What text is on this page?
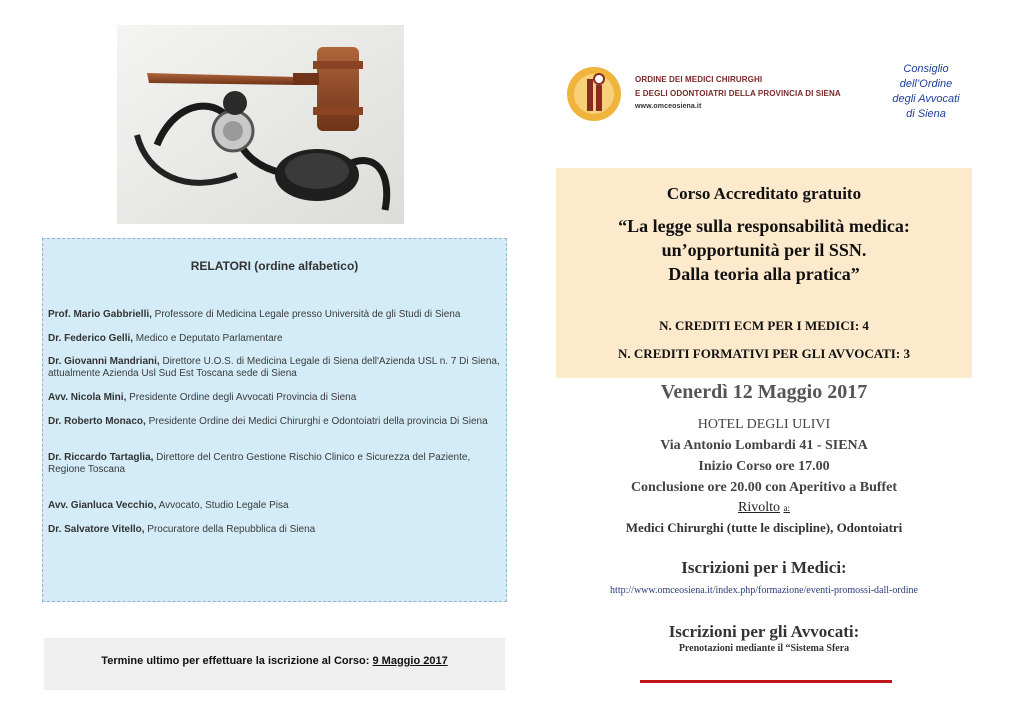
RELATORI (ordine alfabetico)
Prof. Mario Gabbrielli, Professore di Medicina Legale presso Università de gli Studi di Siena
Dr. Federico Gelli, Medico e Deputato Parlamentare
Dr. Giovanni Mandriani, Direttore U.O.S. di Medicina Legale di Siena dell'Azienda USL n. 7 Di Siena, attualmente Azienda Usl Sud Est Toscana sede di Siena
Avv. Nicola Mini, Presidente Ordine degli Avvocati Provincia di Siena
Dr. Roberto Monaco, Presidente Ordine dei Medici Chirurghi e Odontoiatri della provincia Di Siena
Dr. Riccardo Tartaglia, Direttore del Centro Gestione Rischio Clinico e Sicurezza del Paziente, Regione Toscana
Avv. Gianluca Vecchio, Avvocato, Studio Legale Pisa
Dr. Salvatore Vitello, Procuratore della Repubblica di Siena
Termine ultimo per effettuare la iscrizione al Corso: 9 Maggio 2017
ORDINE DEI MEDICI CHIRURGHI
E DEGLI ODONTOIATRI DELLA PROVINCIA DI SIENA
www.omceosiena.it
Consiglio
dell’Ordine
degli Avvocati
di Siena
Corso Accreditato gratuito
“La legge sulla responsabilità medica:
un’opportunità per il SSN.
Dalla teoria alla pratica”
N. CREDITI ECM PER I MEDICI: 4
N. CREDITI FORMATIVI PER GLI AVVOCATI: 3
Venerdì 12 Maggio 2017
HOTEL DEGLI ULIVI
Via Antonio Lombardi 41 - SIENA
Inizio Corso ore 17.00
Conclusione ore 20.00 con Aperitivo a Buffet
Rivolto a:
Medici Chirurghi (tutte le discipline), Odontoiatri
Iscrizioni per i Medici:
http://www.omceosiena.it/index.php/formazione/eventi-promossi-dall-ordine
Iscrizioni per gli Avvocati:
Prenotazioni mediante il “Sistema Sfera
